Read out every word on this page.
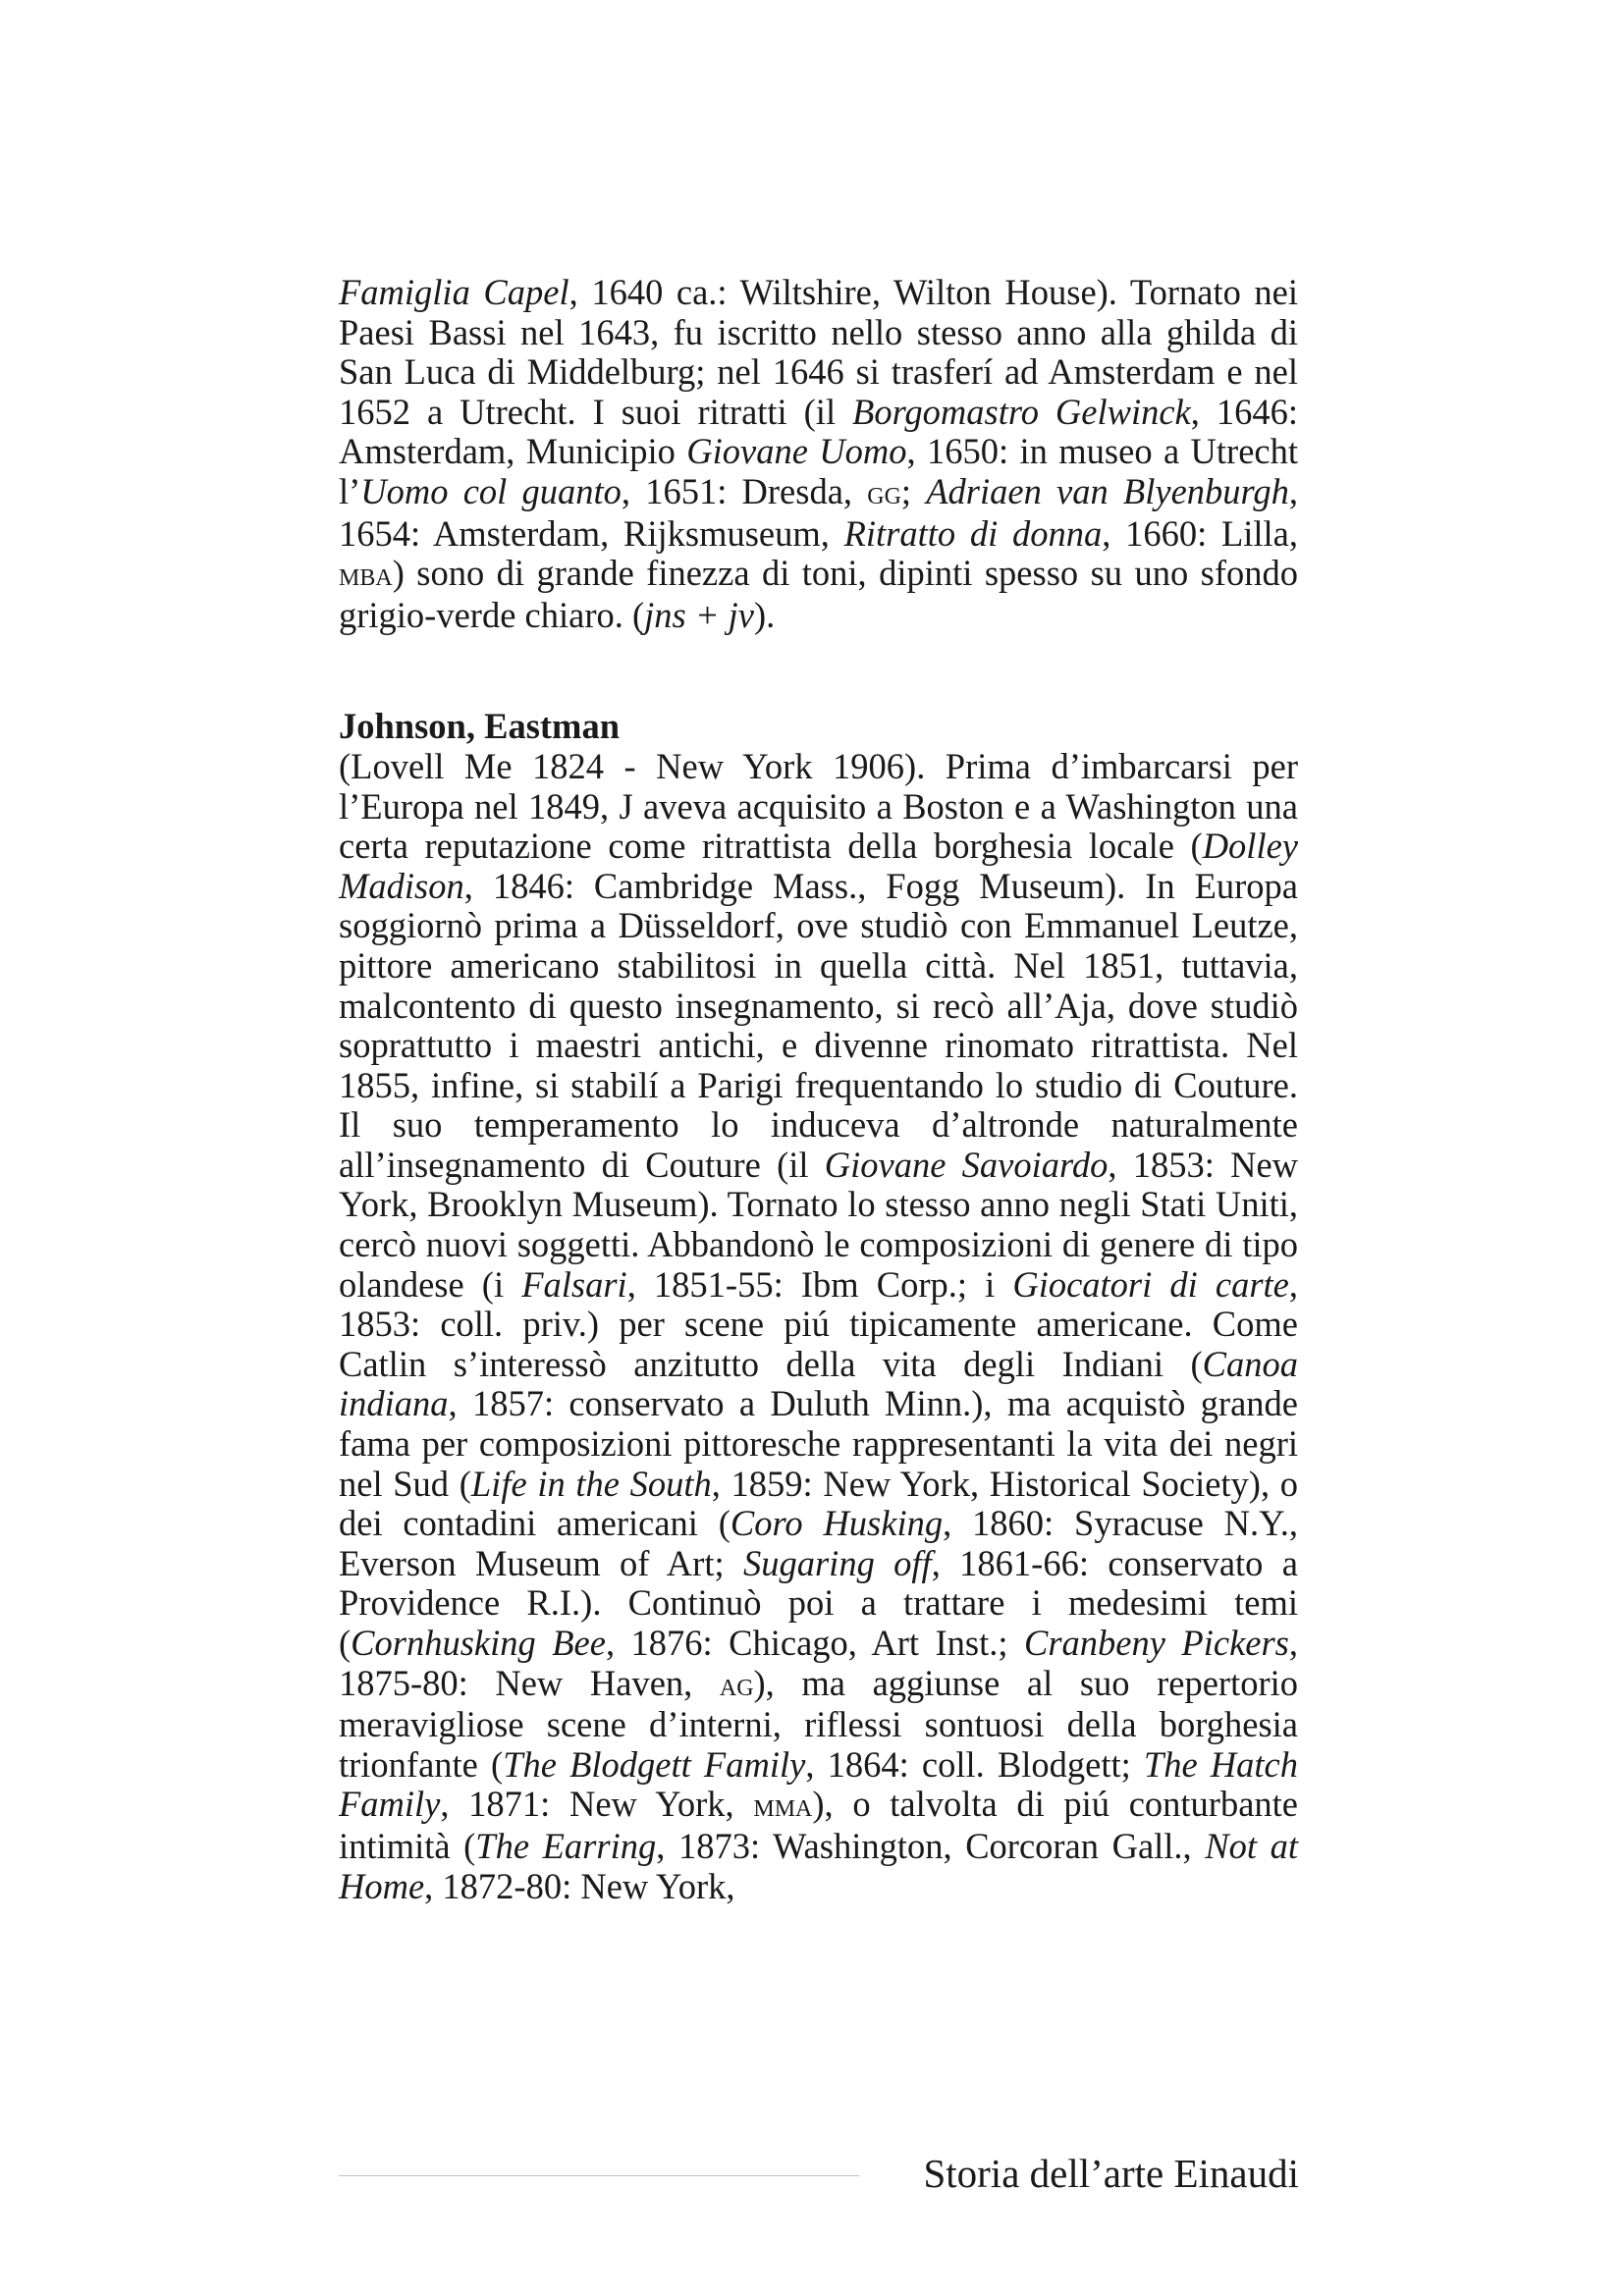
Famiglia Capel, 1640 ca.: Wiltshire, Wilton House). Tornato nei Paesi Bassi nel 1643, fu iscritto nello stesso anno alla ghilda di San Luca di Middelburg; nel 1646 si trasferí ad Amsterdam e nel 1652 a Utrecht. I suoi ritratti (il Borgomastro Gelwinck, 1646: Amsterdam, Municipio Giovane Uomo, 1650: in museo a Utrecht l’Uomo col guanto, 1651: Dresda, gg; Adriaen van Blyenburgh, 1654: Amsterdam, Rijksmuseum, Ritratto di donna, 1660: Lilla, mba) sono di grande finezza di toni, dipinti spesso su uno sfondo grigio-verde chiaro. (jns + jv).

Johnson, Eastman

(Lovell Me 1824 - New York 1906). Prima d’imbarcarsi per l’Europa nel 1849, J aveva acquisito a Boston e a Washington una certa reputazione come ritrattista della borghesia locale (Dolley Madison, 1846: Cambridge Mass., Fogg Museum). In Europa soggiornò prima a Düsseldorf, ove studiò con Emmanuel Leutze, pittore americano stabilitosi in quella città. Nel 1851, tuttavia, malcontento di questo insegnamento, si recò all’Aja, dove studiò soprattutto i maestri antichi, e divenne rinomato ritrattista. Nel 1855, infine, si stabilí a Parigi frequentando lo studio di Couture. Il suo temperamento lo induceva d’altronde naturalmente all’insegnamento di Couture (il Giovane Savoiardo, 1853: New York, Brooklyn Museum). Tornato lo stesso anno negli Stati Uniti, cercò nuovi soggetti. Abbandonò le composizioni di genere di tipo olandese (i Falsari, 1851-55: Ibm Corp.; i Giocatori di carte, 1853: coll. priv.) per scene piú tipicamente americane. Come Catlin s’interessò anzitutto della vita degli Indiani (Canoa indiana, 1857: conservato a Duluth Minn.), ma acquistò grande fama per composizioni pittoresche rappresentanti la vita dei negri nel Sud (Life in the South, 1859: New York, Historical Society), o dei contadini americani (Coro Husking, 1860: Syracuse N.Y., Everson Museum of Art; Sugaring off, 1861-66: conservato a Providence R.I.). Continuò poi a trattare i medesimi temi (Cornhusking Bee, 1876: Chicago, Art Inst.; Cranbeny Pickers, 1875-80: New Haven, ag), ma aggiunse al suo repertorio meravigliose scene d’interni, riflessi sontuosi della borghesia trionfante (The Blodgett Family, 1864: coll. Blodgett; The Hatch Family, 1871: New York, mma), o talvolta di piú conturbante intimità (The Earring, 1873: Washington, Corcoran Gall., Not at Home, 1872-80: New York,

Storia dell’arte Einaudi
